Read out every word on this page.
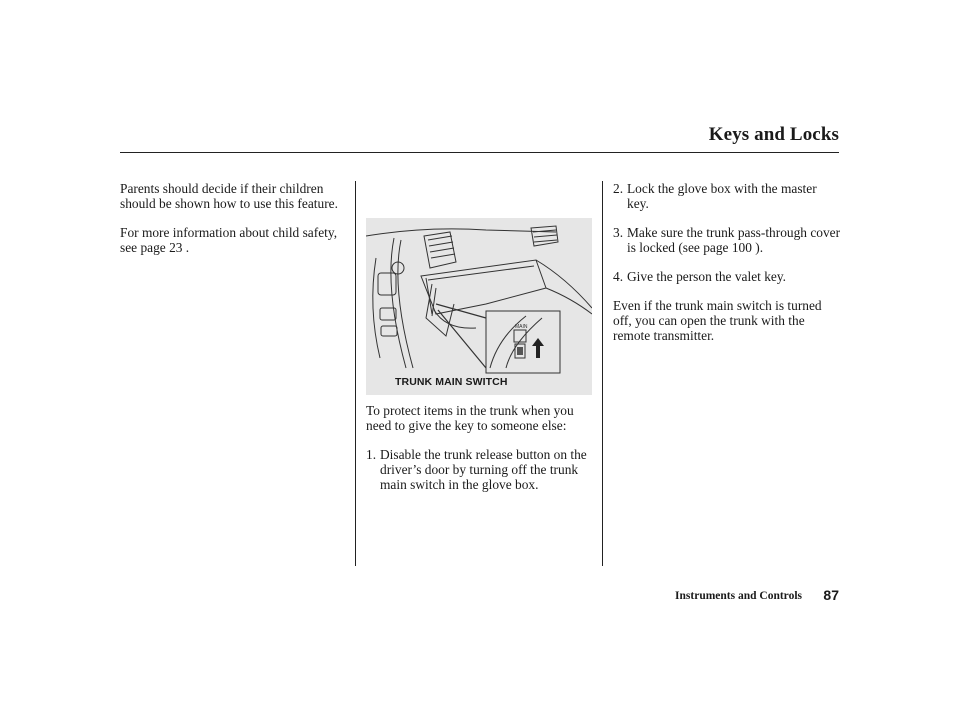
Keys and Locks

Parents should decide if their children should be shown how to use this feature.

For more information about child safety, see page 23 .

MAIN
TRUNK MAIN SWITCH

To protect items in the trunk when you need to give the key to someone else:

1. Disable the trunk release button on the driver’s door by turning off the trunk main switch in the glove box.
2. Lock the glove box with the master key.
3. Make sure the trunk pass-through cover is locked (see page 100 ).
4. Give the person the valet key.

Even if the trunk main switch is turned off, you can open the trunk with the remote transmitter.

Instruments and Controls 87
